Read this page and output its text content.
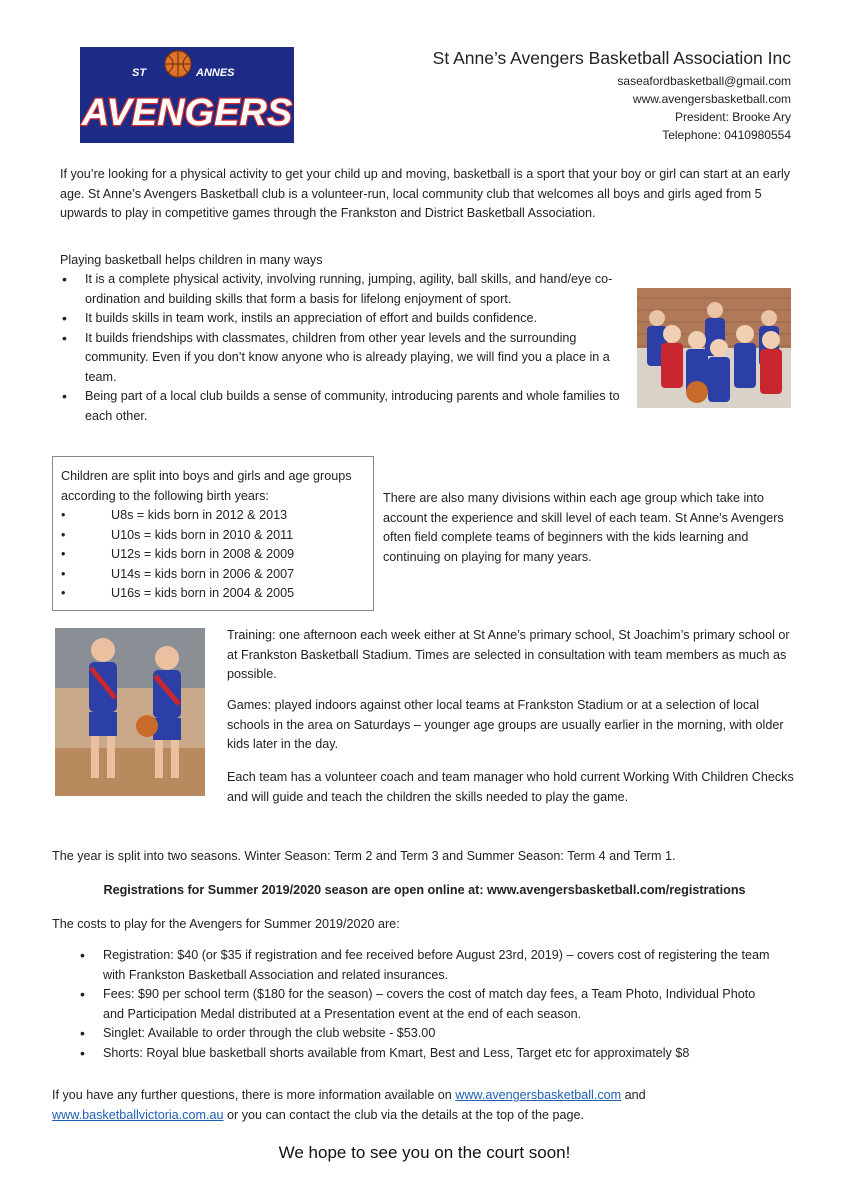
ST	ANNES
AVENGERS
St Anne’s Avengers Basketball Association Inc
saseafordbasketball@gmail.com
www.avengersbasketball.com
President: Brooke Ary
Telephone: 0410980554
If you’re looking for a physical activity to get your child up and moving, basketball is a sport that your boy or girl can start at an early age. St Anne’s Avengers Basketball club is a volunteer-run, local community club that welcomes all boys and girls aged from 5 upwards to play in competitive games through the Frankston and District Basketball Association.
Playing basketball helps children in many ways
• It is a complete physical activity, involving running, jumping, agility, ball skills, and hand/eye co-ordination and building skills that form a basis for lifelong enjoyment of sport.
• It builds skills in team work, instils an appreciation of effort and builds confidence.
• It builds friendships with classmates, children from other year levels and the surrounding community. Even if you don’t know anyone who is already playing, we will find you a place in a team.
• Being part of a local club builds a sense of community, introducing parents and whole families to each other.
Children are split into boys and girls and age groups according to the following birth years:
• U8s = kids born in 2012 & 2013
• U10s = kids born in 2010 & 2011
• U12s = kids born in 2008 & 2009
• U14s = kids born in 2006 & 2007
• U16s = kids born in 2004 & 2005
There are also many divisions within each age group which take into account the experience and skill level of each team. St Anne’s Avengers often field complete teams of beginners with the kids learning and continuing on playing for many years.
Training: one afternoon each week either at St Anne’s primary school, St Joachim’s primary school or at Frankston Basketball Stadium. Times are selected in consultation with team members as much as possible.
Games: played indoors against other local teams at Frankston Stadium or at a selection of local schools in the area on Saturdays – younger age groups are usually earlier in the morning, with older kids later in the day.
Each team has a volunteer coach and team manager who hold current Working With Children Checks and will guide and teach the children the skills needed to play the game.
The year is split into two seasons. Winter Season: Term 2 and Term 3 and Summer Season: Term 4 and Term 1.
Registrations for Summer 2019/2020 season are open online at: www.avengersbasketball.com/registrations
The costs to play for the Avengers for Summer 2019/2020 are:
• Registration: $40 (or $35 if registration and fee received before August 23rd, 2019) – covers cost of registering the team with Frankston Basketball Association and related insurances.
• Fees: $90 per school term ($180 for the season) – covers the cost of match day fees, a Team Photo, Individual Photo and Participation Medal distributed at a Presentation event at the end of each season.
• Singlet: Available to order through the club website - $53.00
• Shorts: Royal blue basketball shorts available from Kmart, Best and Less, Target etc for approximately $8
If you have any further questions, there is more information available on www.avengersbasketball.com and www.basketballvictoria.com.au or you can contact the club via the details at the top of the page.
We hope to see you on the court soon!
